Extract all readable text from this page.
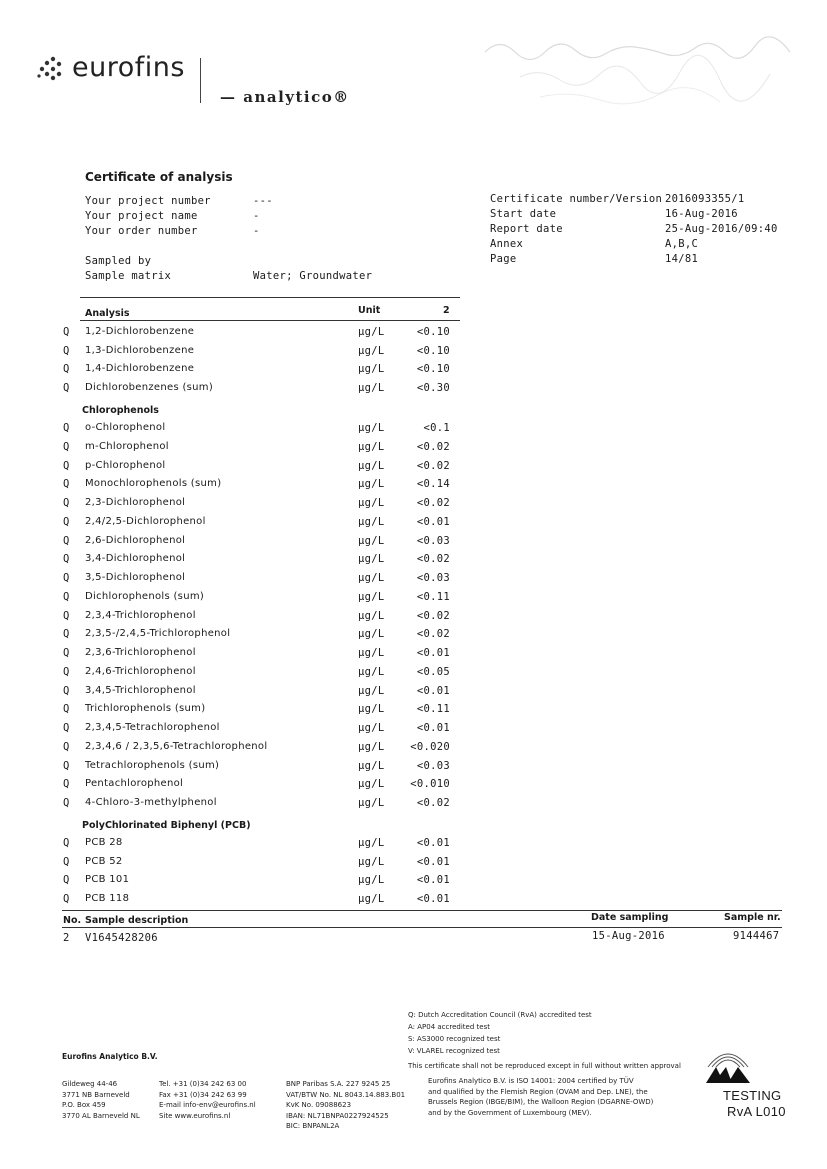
eurofins
— analytico®
Certificate of analysis
Your project number	---
Your project name	-
Your order number	-
Sampled by
Sample matrix	Water; Groundwater
Certificate number/Version 2016093355/1
Start date	16-Aug-2016
Report date	25-Aug-2016/09:40
Annex	A,B,C
Page	14/81
Analysis	Unit	2
Q 1,2-Dichlorobenzene	µg/L	<0.10
Q 1,3-Dichlorobenzene	µg/L	<0.10
Q 1,4-Dichlorobenzene	µg/L	<0.10
Q Dichlorobenzenes (sum)	µg/L	<0.30
Q o-Chlorophenol	µg/L	<0.1
Q m-Chlorophenol	µg/L	<0.02
Q p-Chlorophenol	µg/L	<0.02
Q Monochlorophenols (sum)	µg/L	<0.14
Q 2,3-Dichlorophenol	µg/L	<0.02
Q 2,4/2,5-Dichlorophenol	µg/L	<0.01
Q 2,6-Dichlorophenol	µg/L	<0.03
Q 3,4-Dichlorophenol	µg/L	<0.02
Q 3,5-Dichlorophenol	µg/L	<0.03
Q Dichlorophenols (sum)	µg/L	<0.11
Q 2,3,4-Trichlorophenol	µg/L	<0.02
Q 2,3,5-/2,4,5-Trichlorophenol	µg/L	<0.02
Q 2,3,6-Trichlorophenol	µg/L	<0.01
Q 2,4,6-Trichlorophenol	µg/L	<0.05
Q 3,4,5-Trichlorophenol	µg/L	<0.01
Q Trichlorophenols (sum)	µg/L	<0.11
Q 2,3,4,5-Tetrachlorophenol	µg/L	<0.01
Q 2,3,4,6 / 2,3,5,6-Tetrachlorophenol	µg/L <0.020
Q Tetrachlorophenols (sum)	µg/L	<0.03
Q Pentachlorophenol	µg/L <0.010
Q 4-Chloro-3-methylphenol	µg/L	<0.02
Q PCB 28	µg/L	<0.01
Q PCB 52	µg/L	<0.01
Q PCB 101	µg/L	<0.01
Q PCB 118	µg/L	<0.01
Chlorophenols
PolyChlorinated Biphenyl (PCB)
No. Sample description	Date sampling	Sample nr.
2 V1645428206	15-Aug-2016	9144467
Q: Dutch Accreditation Council (RvA) accredited test
A: AP04 accredited test
S: AS3000 recognized test
V: VLAREL recognized test
This certificate shall not be reproduced except in full without written approval
Eurofins Analytico B.V.
Gildeweg 44-46
3771 NB Barneveld
P.O. Box 459
3770 AL Barneveld NL
Tel. +31 (0)34 242 63 00
Fax +31 (0)34 242 63 99
E-mail info-env@eurofins.nl
Site www.eurofins.nl
BNP Paribas S.A. 227 9245 25
VAT/BTW No. NL 8043.14.883.B01
KvK No. 09088623
IBAN: NL71BNPA0227924525
BIC: BNPANL2A
Eurofins Analytico B.V. is ISO 14001: 2004 certified by TÜV
and qualified by the Flemish Region (OVAM and Dep. LNE), the
Brussels Region (IBGE/BIM), the Walloon Region (DGARNE-OWD)
and by the Government of Luxembourg (MEV).
TESTING
RvA L010
